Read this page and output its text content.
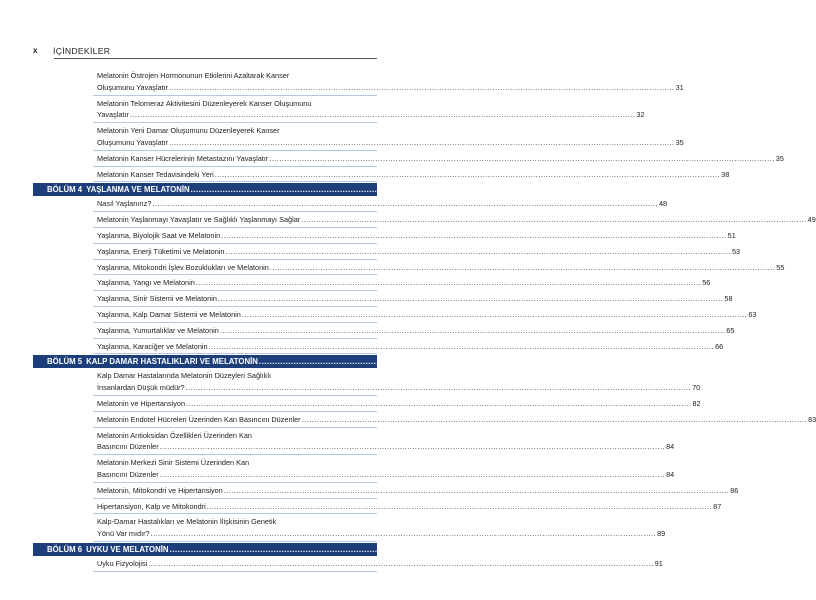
x İÇİNDEKİLER
Melatonin Östrojen Hormonunun Etkilerini Azaltarak Kanser
Oluşumunu Yavaşlatır ........................................................................................................................................................................................................ 31
Melatonin Telomeraz Aktivitesini Düzenleyerek Kanser Oluşumunu
Yavaşlatır ........................................................................................................................................................................................................ 32
Melatonin Yeni Damar Oluşumunu Düzenleyerek Kanser
Oluşumunu Yavaşlatır ........................................................................................................................................................................................................ 35
Melatonin Kanser Hücrelerinin Metastazını Yavaşlatır ........................................................................................................................................................................................................ 35
Melatonin Kanser Tedavisindeki Yeri ........................................................................................................................................................................................................ 38
BÖLÜM 4 YAŞLANMA VE MELATONİN ........................................................................................................................................................................................................ 47
Nasıl Yaşlanırız? ........................................................................................................................................................................................................ 48
Melatonin Yaşlanmayı Yavaşlatır ve Sağlıklı Yaşlanmayı Sağlar ........................................................................................................................................................................................................ 49
Yaşlanma, Biyolojik Saat ve Melatonin ........................................................................................................................................................................................................ 51
Yaşlanma, Enerji Tüketimi ve Melatonin ........................................................................................................................................................................................................ 53
Yaşlanma, Mitokondri İşlev Bozuklukları ve Melatonin ........................................................................................................................................................................................................ 55
Yaşlanma, Yangı ve Melatonin ........................................................................................................................................................................................................ 56
Yaşlanma, Sinir Sistemi ve Melatonin ........................................................................................................................................................................................................ 58
Yaşlanma, Kalp Damar Sistemi ve Melatonin ........................................................................................................................................................................................................ 63
Yaşlanma, Yumurtalıklar ve Melatonin ........................................................................................................................................................................................................ 65
Yaşlanma, Karaciğer ve Melatonin ........................................................................................................................................................................................................ 66
BÖLÜM 5 KALP DAMAR HASTALIKLARI VE MELATONİN ........................................................................................................................................................................................................ 69
Kalp Damar Hastalarında Melatonin Düzeyleri Sağlıklı
İnsanlardan Düşük müdür? ........................................................................................................................................................................................................ 70
Melatonin ve Hipertansiyon ........................................................................................................................................................................................................ 82
Melatonin Endotel Hücreleri Üzerinden Kan Basıncını Düzenler ........................................................................................................................................................................................................ 83
Melatonin Antioksidan Özellikleri Üzerinden Kan
Basıncını Düzenler ........................................................................................................................................................................................................ 84
Melatonin Merkezi Sinir Sistemi Üzerinden Kan
Basıncını Düzenler ........................................................................................................................................................................................................ 84
Melatonin, Mitokondri ve Hipertansiyon ........................................................................................................................................................................................................ 86
Hipertansiyon, Kalp ve Mitokondri ........................................................................................................................................................................................................ 87
Kalp-Damar Hastalıkları ve Melatonin İlişkisinin Genetik
Yönü Var mıdır? ........................................................................................................................................................................................................ 89
BÖLÜM 6 UYKU VE MELATONİN ........................................................................................................................................................................................................ 91
Uyku Fizyolojisi ........................................................................................................................................................................................................ 91
